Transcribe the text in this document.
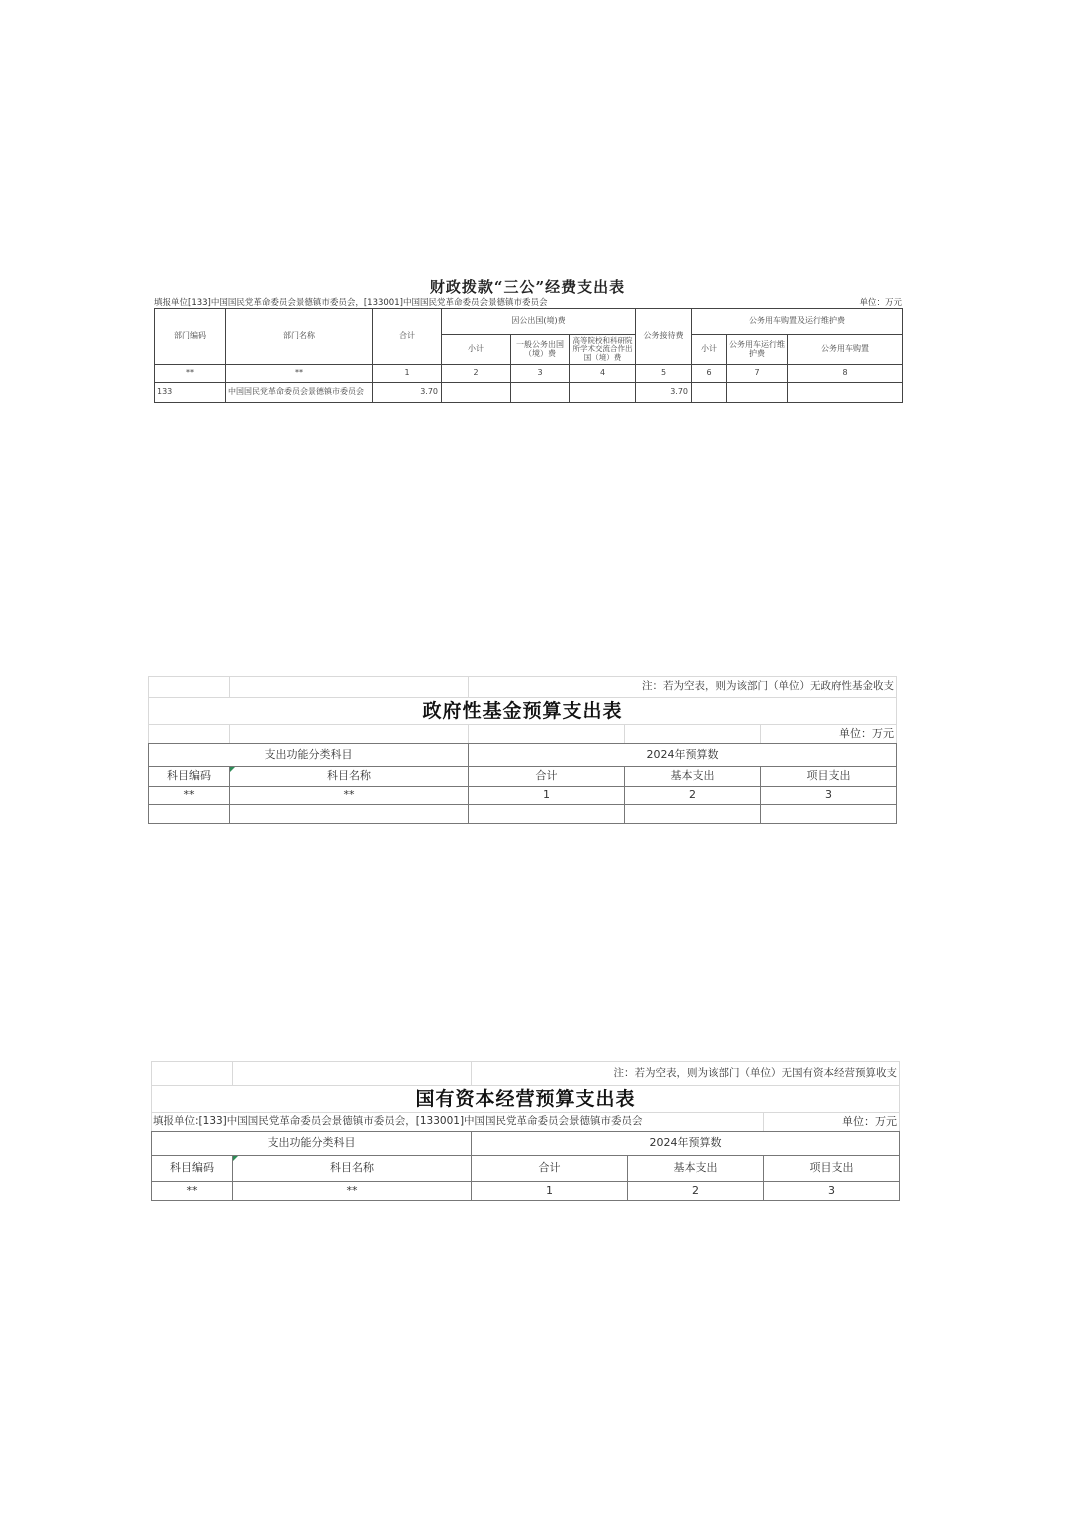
财政拨款“三公”经费支出表
填报单位[133]中国国民党革命委员会景德镇市委员会，[133001]中国国民党革命委员会景德镇市委员会	单位：万元
部门编码	部门名称	合计	因公出国(境)费			公务接待费	公务用车购置及运行维护费		
			小计	一般公务出国（境）费	高等院校和科研院所学术交流合作出国（境）费		小计	公务用车运行维护费	公务用车购置
**	**	1	2	3	4	5	6	7	8
133	中国国民党革命委员会景德镇市委员会	3.70				3.70			
		注：若为空表，则为该部门（单位）无政府性基金收支		
政府性基金预算支出表				
				单位：万元
支出功能分类科目		2024年预算数		
科目编码	科目名称	合计	基本支出	项目支出
**	**	1	2	3

		注：若为空表，则为该部门（单位）无国有资本经营预算收支	
国有资本经营预算支出表			
填报单位:[133]中国国民党革命委员会景德镇市委员会，[133001]中国国民党革命委员会景德镇市委员会			单位：万元
支出功能分类科目		2024年预算数		
科目编码	科目名称	合计	基本支出	项目支出
**	**	1	2	3
